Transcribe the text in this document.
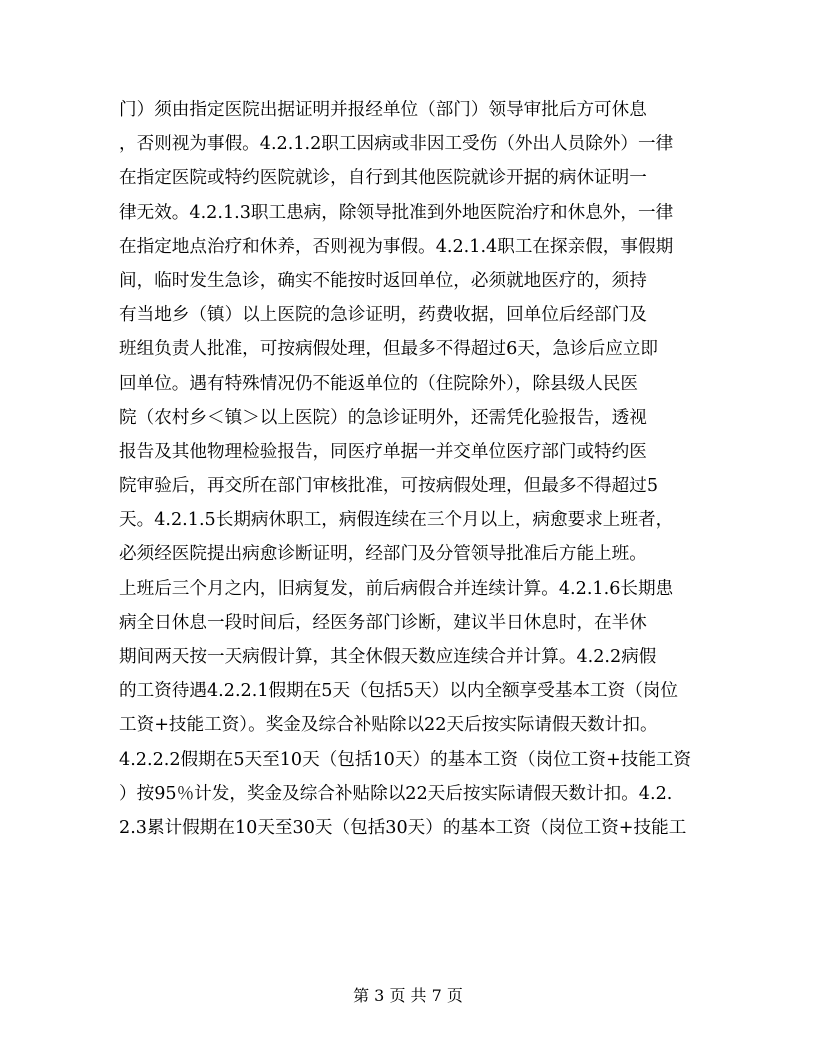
门）须由指定医院出据证明并报经单位（部门）领导审批后方可休息
，否则视为事假。4.2.1.2职工因病或非因工受伤（外出人员除外）一律
在指定医院或特约医院就诊，自行到其他医院就诊开据的病休证明一
律无效。4.2.1.3职工患病，除领导批准到外地医院治疗和休息外，一律
在指定地点治疗和休养，否则视为事假。4.2.1.4职工在探亲假，事假期
间，临时发生急诊，确实不能按时返回单位，必须就地医疗的，须持
有当地乡（镇）以上医院的急诊证明，药费收据，回单位后经部门及
班组负责人批准，可按病假处理，但最多不得超过6天，急诊后应立即
回单位。遇有特殊情况仍不能返单位的（住院除外），除县级人民医
院（农村乡＜镇＞以上医院）的急诊证明外，还需凭化验报告，透视
报告及其他物理检验报告，同医疗单据一并交单位医疗部门或特约医
院审验后，再交所在部门审核批准，可按病假处理，但最多不得超过5
天。4.2.1.5长期病休职工，病假连续在三个月以上，病愈要求上班者，
必须经医院提出病愈诊断证明，经部门及分管领导批准后方能上班。
上班后三个月之内，旧病复发，前后病假合并连续计算。4.2.1.6长期患
病全日休息一段时间后，经医务部门诊断，建议半日休息时，在半休
期间两天按一天病假计算，其全休假天数应连续合并计算。4.2.2病假
的工资待遇4.2.2.1假期在5天（包括5天）以内全额享受基本工资（岗位
工资+技能工资）。奖金及综合补贴除以22天后按实际请假天数计扣。
4.2.2.2假期在5天至10天（包括10天）的基本工资（岗位工资+技能工资
）按95％计发，奖金及综合补贴除以22天后按实际请假天数计扣。4.2.
2.3累计假期在10天至30天（包括30天）的基本工资（岗位工资+技能工
第 3 页 共 7 页
